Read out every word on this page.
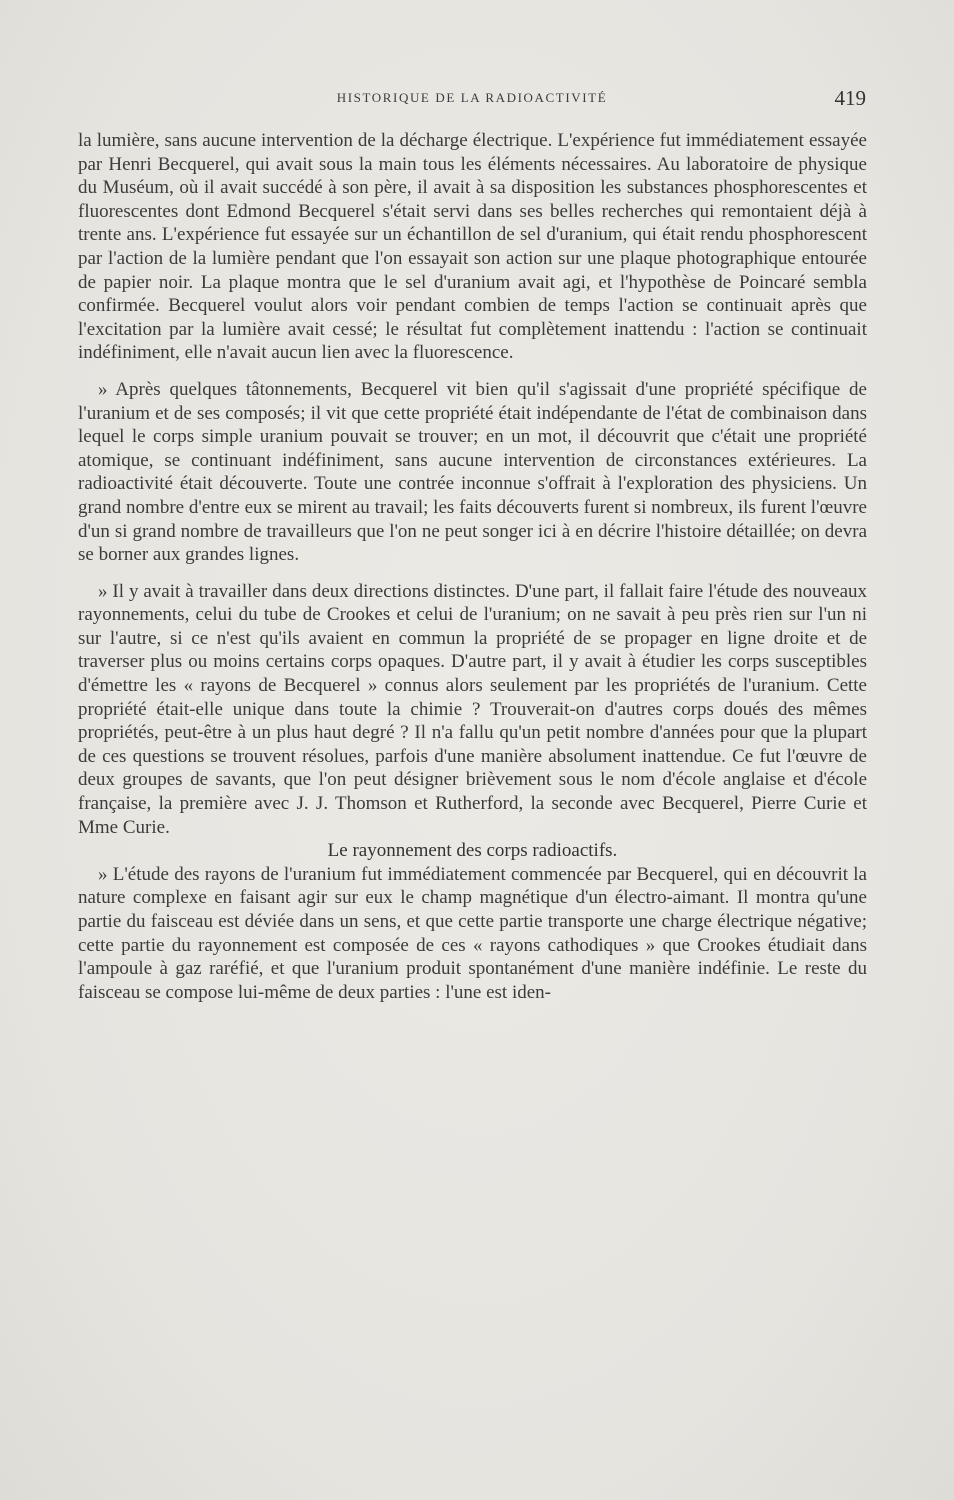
HISTORIQUE DE LA RADIOACTIVITÉ	419

la lumière, sans aucune intervention de la décharge électrique. L'expérience fut immédiatement essayée par Henri Becquerel, qui avait sous la main tous les éléments nécessaires. Au laboratoire de physique du Muséum, où il avait succédé à son père, il avait à sa disposition les substances phosphorescentes et fluorescentes dont Edmond Becquerel s'était servi dans ses belles recherches qui remontaient déjà à trente ans. L'expérience fut essayée sur un échantillon de sel d'uranium, qui était rendu phosphorescent par l'action de la lumière pendant que l'on essayait son action sur une plaque photographique entourée de papier noir. La plaque montra que le sel d'uranium avait agi, et l'hypothèse de Poincaré sembla confirmée. Becquerel voulut alors voir pendant combien de temps l'action se continuait après que l'excitation par la lumière avait cessé; le résultat fut complètement inattendu : l'action se continuait indéfiniment, elle n'avait aucun lien avec la fluorescence.

» Après quelques tâtonnements, Becquerel vit bien qu'il s'agissait d'une propriété spécifique de l'uranium et de ses composés; il vit que cette propriété était indépendante de l'état de combinaison dans lequel le corps simple uranium pouvait se trouver; en un mot, il découvrit que c'était une propriété atomique, se continuant indéfiniment, sans aucune intervention de circonstances extérieures. La radioactivité était découverte. Toute une contrée inconnue s'offrait à l'exploration des physiciens. Un grand nombre d'entre eux se mirent au travail; les faits découverts furent si nombreux, ils furent l'œuvre d'un si grand nombre de travailleurs que l'on ne peut songer ici à en décrire l'histoire détaillée; on devra se borner aux grandes lignes.

» Il y avait à travailler dans deux directions distinctes. D'une part, il fallait faire l'étude des nouveaux rayonnements, celui du tube de Crookes et celui de l'uranium; on ne savait à peu près rien sur l'un ni sur l'autre, si ce n'est qu'ils avaient en commun la propriété de se propager en ligne droite et de traverser plus ou moins certains corps opaques. D'autre part, il y avait à étudier les corps susceptibles d'émettre les « rayons de Becquerel » connus alors seulement par les propriétés de l'uranium. Cette propriété était-elle unique dans toute la chimie ? Trouverait-on d'autres corps doués des mêmes propriétés, peut-être à un plus haut degré ? Il n'a fallu qu'un petit nombre d'années pour que la plupart de ces questions se trouvent résolues, parfois d'une manière absolument inattendue. Ce fut l'œuvre de deux groupes de savants, que l'on peut désigner brièvement sous le nom d'école anglaise et d'école française, la première avec J. J. Thomson et Rutherford, la seconde avec Becquerel, Pierre Curie et Mme Curie.

Le rayonnement des corps radioactifs.

» L'étude des rayons de l'uranium fut immédiatement commencée par Becquerel, qui en découvrit la nature complexe en faisant agir sur eux le champ magnétique d'un électro-aimant. Il montra qu'une partie du faisceau est déviée dans un sens, et que cette partie transporte une charge électrique négative; cette partie du rayonnement est composée de ces « rayons cathodiques » que Crookes étudiait dans l'ampoule à gaz raréfié, et que l'uranium produit spontanément d'une manière indéfinie. Le reste du faisceau se compose lui-même de deux parties : l'une est iden-
